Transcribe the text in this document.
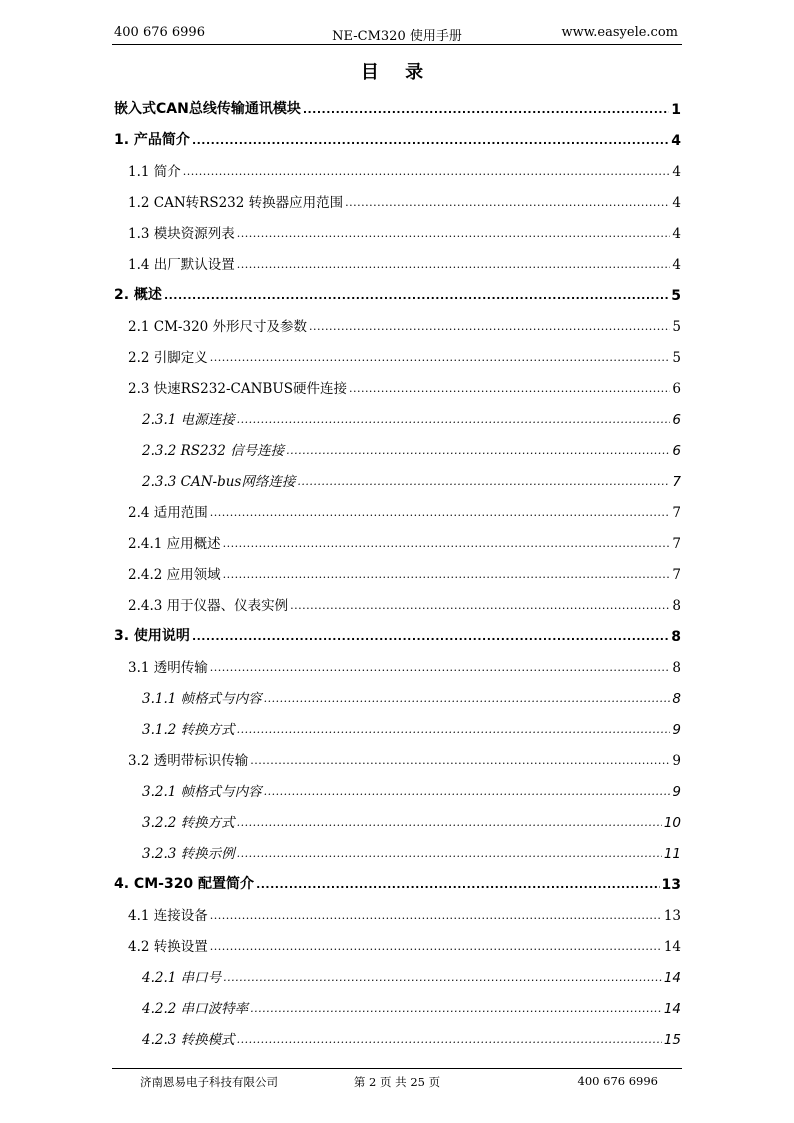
400 676 6996	NE-CM320 使用手册	www.easyele.com
目 录
嵌入式CAN总线传输通讯模块 .....	1
1. 产品简介 .....	4
1.1 简介 .....	4
1.2 CAN转RS232 转换器应用范围 .....	4
1.3 模块资源列表 .....	4
1.4 出厂默认设置 .....	4
2. 概述 .....	5
2.1 CM-320 外形尺寸及参数 .....	5
2.2 引脚定义 .....	5
2.3 快速RS232-CANBUS硬件连接 .....	6
2.3.1 电源连接 .....	6
2.3.2 RS232 信号连接 .....	6
2.3.3 CAN-bus网络连接 .....	7
2.4 适用范围 .....	7
2.4.1 应用概述 .....	7
2.4.2 应用领域 .....	7
2.4.3 用于仪器、仪表实例 .....	8
3. 使用说明 .....	8
3.1 透明传输 .....	8
3.1.1 帧格式与内容 .....	8
3.1.2 转换方式 .....	9
3.2 透明带标识传输 .....	9
3.2.1 帧格式与内容 .....	9
3.2.2 转换方式 .....	10
3.2.3 转换示例 .....	11
4. CM-320 配置简介 .....	13
4.1 连接设备 .....	13
4.2 转换设置 .....	14
4.2.1 串口号 .....	14
4.2.2 串口波特率 .....	14
4.2.3 转换模式 .....	15
济南恩易电子科技有限公司	第 2 页 共 25 页	400 676 6996
